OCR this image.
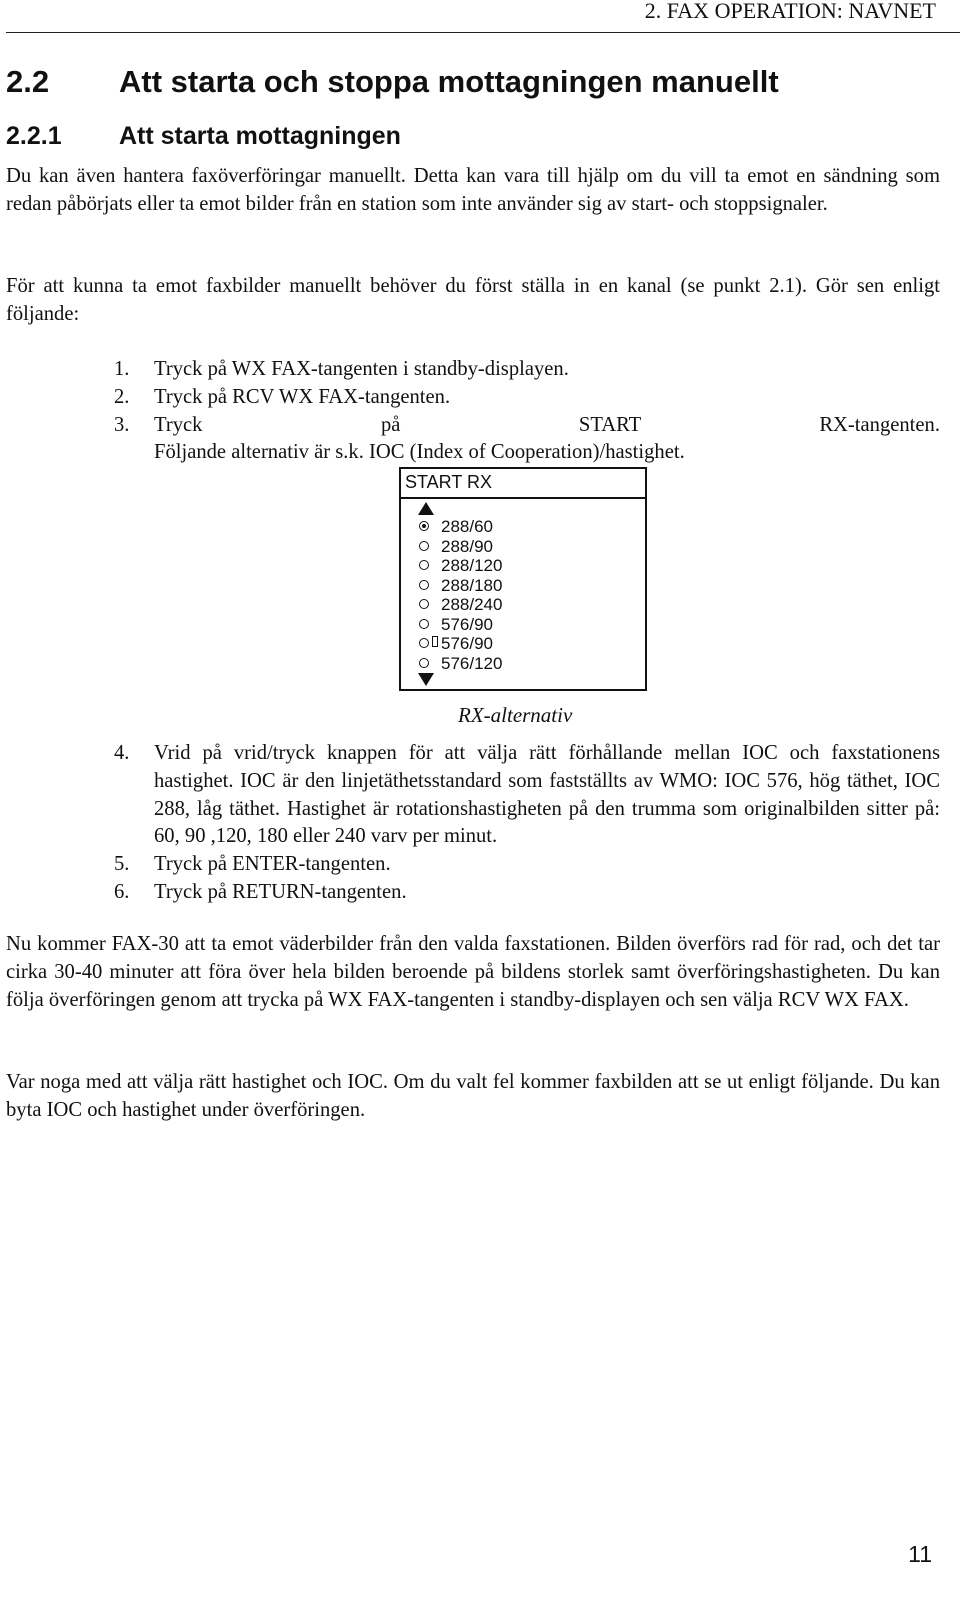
2. FAX OPERATION: NAVNET
2.2 Att starta och stoppa mottagningen manuellt
2.2.1 Att starta mottagningen

Du kan även hantera faxöverföringar manuellt. Detta kan vara till hjälp om du vill ta emot en sändning som redan påbörjats eller ta emot bilder från en station som inte använder sig av start- och stoppsignaler.

För att kunna ta emot faxbilder manuellt behöver du först ställa in en kanal (se punkt 2.1). Gör sen enligt följande:

1. Tryck på WX FAX-tangenten i standby-displayen.
2. Tryck på RCV WX FAX-tangenten.
3. Tryck på START RX-tangenten.
Följande alternativ är s.k. IOC (Index of Cooperation)/hastighet.
START RX
288/60
288/90
288/120
288/180
288/240
576/90
576/90
576/120
RX-alternativ
4. Vrid på vrid/tryck knappen för att välja rätt förhållande mellan IOC och faxstationens hastighet. IOC är den linjetäthetsstandard som fastställts av WMO: IOC 576, hög täthet, IOC 288, låg täthet. Hastighet är rotationshastigheten på den trumma som originalbilden sitter på: 60, 90 ,120, 180 eller 240 varv per minut.
5. Tryck på ENTER-tangenten.
6. Tryck på RETURN-tangenten.

Nu kommer FAX-30 att ta emot väderbilder från den valda faxstationen. Bilden överförs rad för rad, och det tar cirka 30-40 minuter att föra över hela bilden beroende på bildens storlek samt överföringshastigheten. Du kan följa överföringen genom att trycka på WX FAX-tangenten i standby-displayen och sen välja RCV WX FAX.

Var noga med att välja rätt hastighet och IOC. Om du valt fel kommer faxbilden att se ut enligt följande. Du kan byta IOC och hastighet under överföringen.

11
